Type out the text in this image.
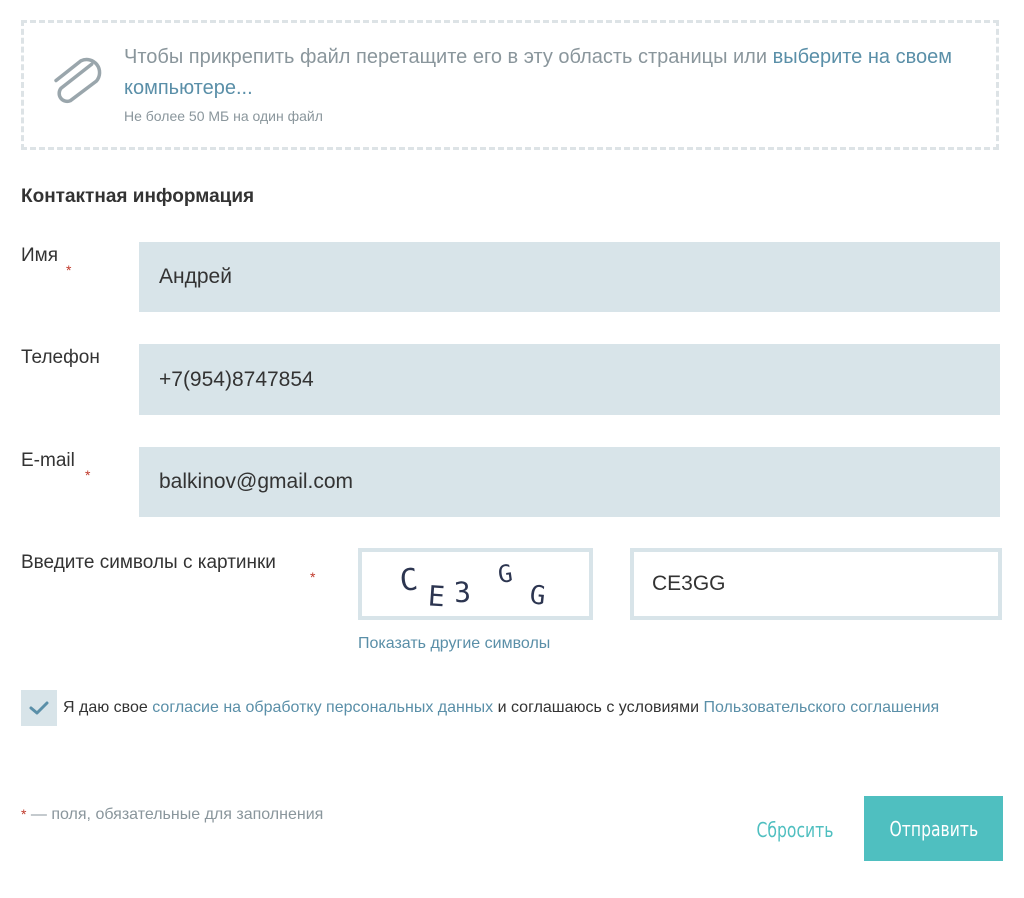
Чтобы прикрепить файл перетащите его в эту область страницы или выберите на своем компьютере...
Не более 50 МБ на один файл
Контактная информация
Имя
*
Андрей
Телефон
+7(954)8747854
E-mail
*
balkinov@gmail.com
Введите символы с картинки
*	C E 3
G
G
CE3GG
Показать другие символы
Я даю свое согласие на обработку персональных данных и соглашаюсь с условиями Пользовательского соглашения
* — поля, обязательные для заполнения
Сбросить	Отправить
